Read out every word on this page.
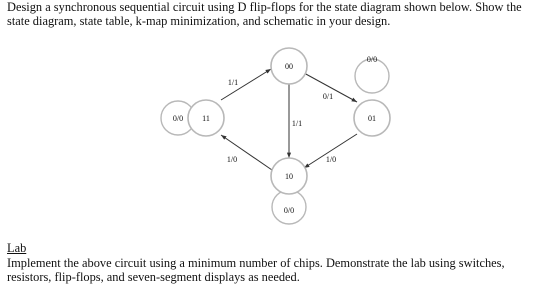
Design a synchronous sequential circuit using D flip-flops for the state diagram shown below. Show the
state diagram, state table, k-map minimization, and schematic in your design.
00
11
10
01
1/1
0/1
1/1
1/0	1/0
0/0
0/0
0/0
Lab
Implement the above circuit using a minimum number of chips. Demonstrate the lab using switches,
resistors, flip-flops, and seven-segment displays as needed.
